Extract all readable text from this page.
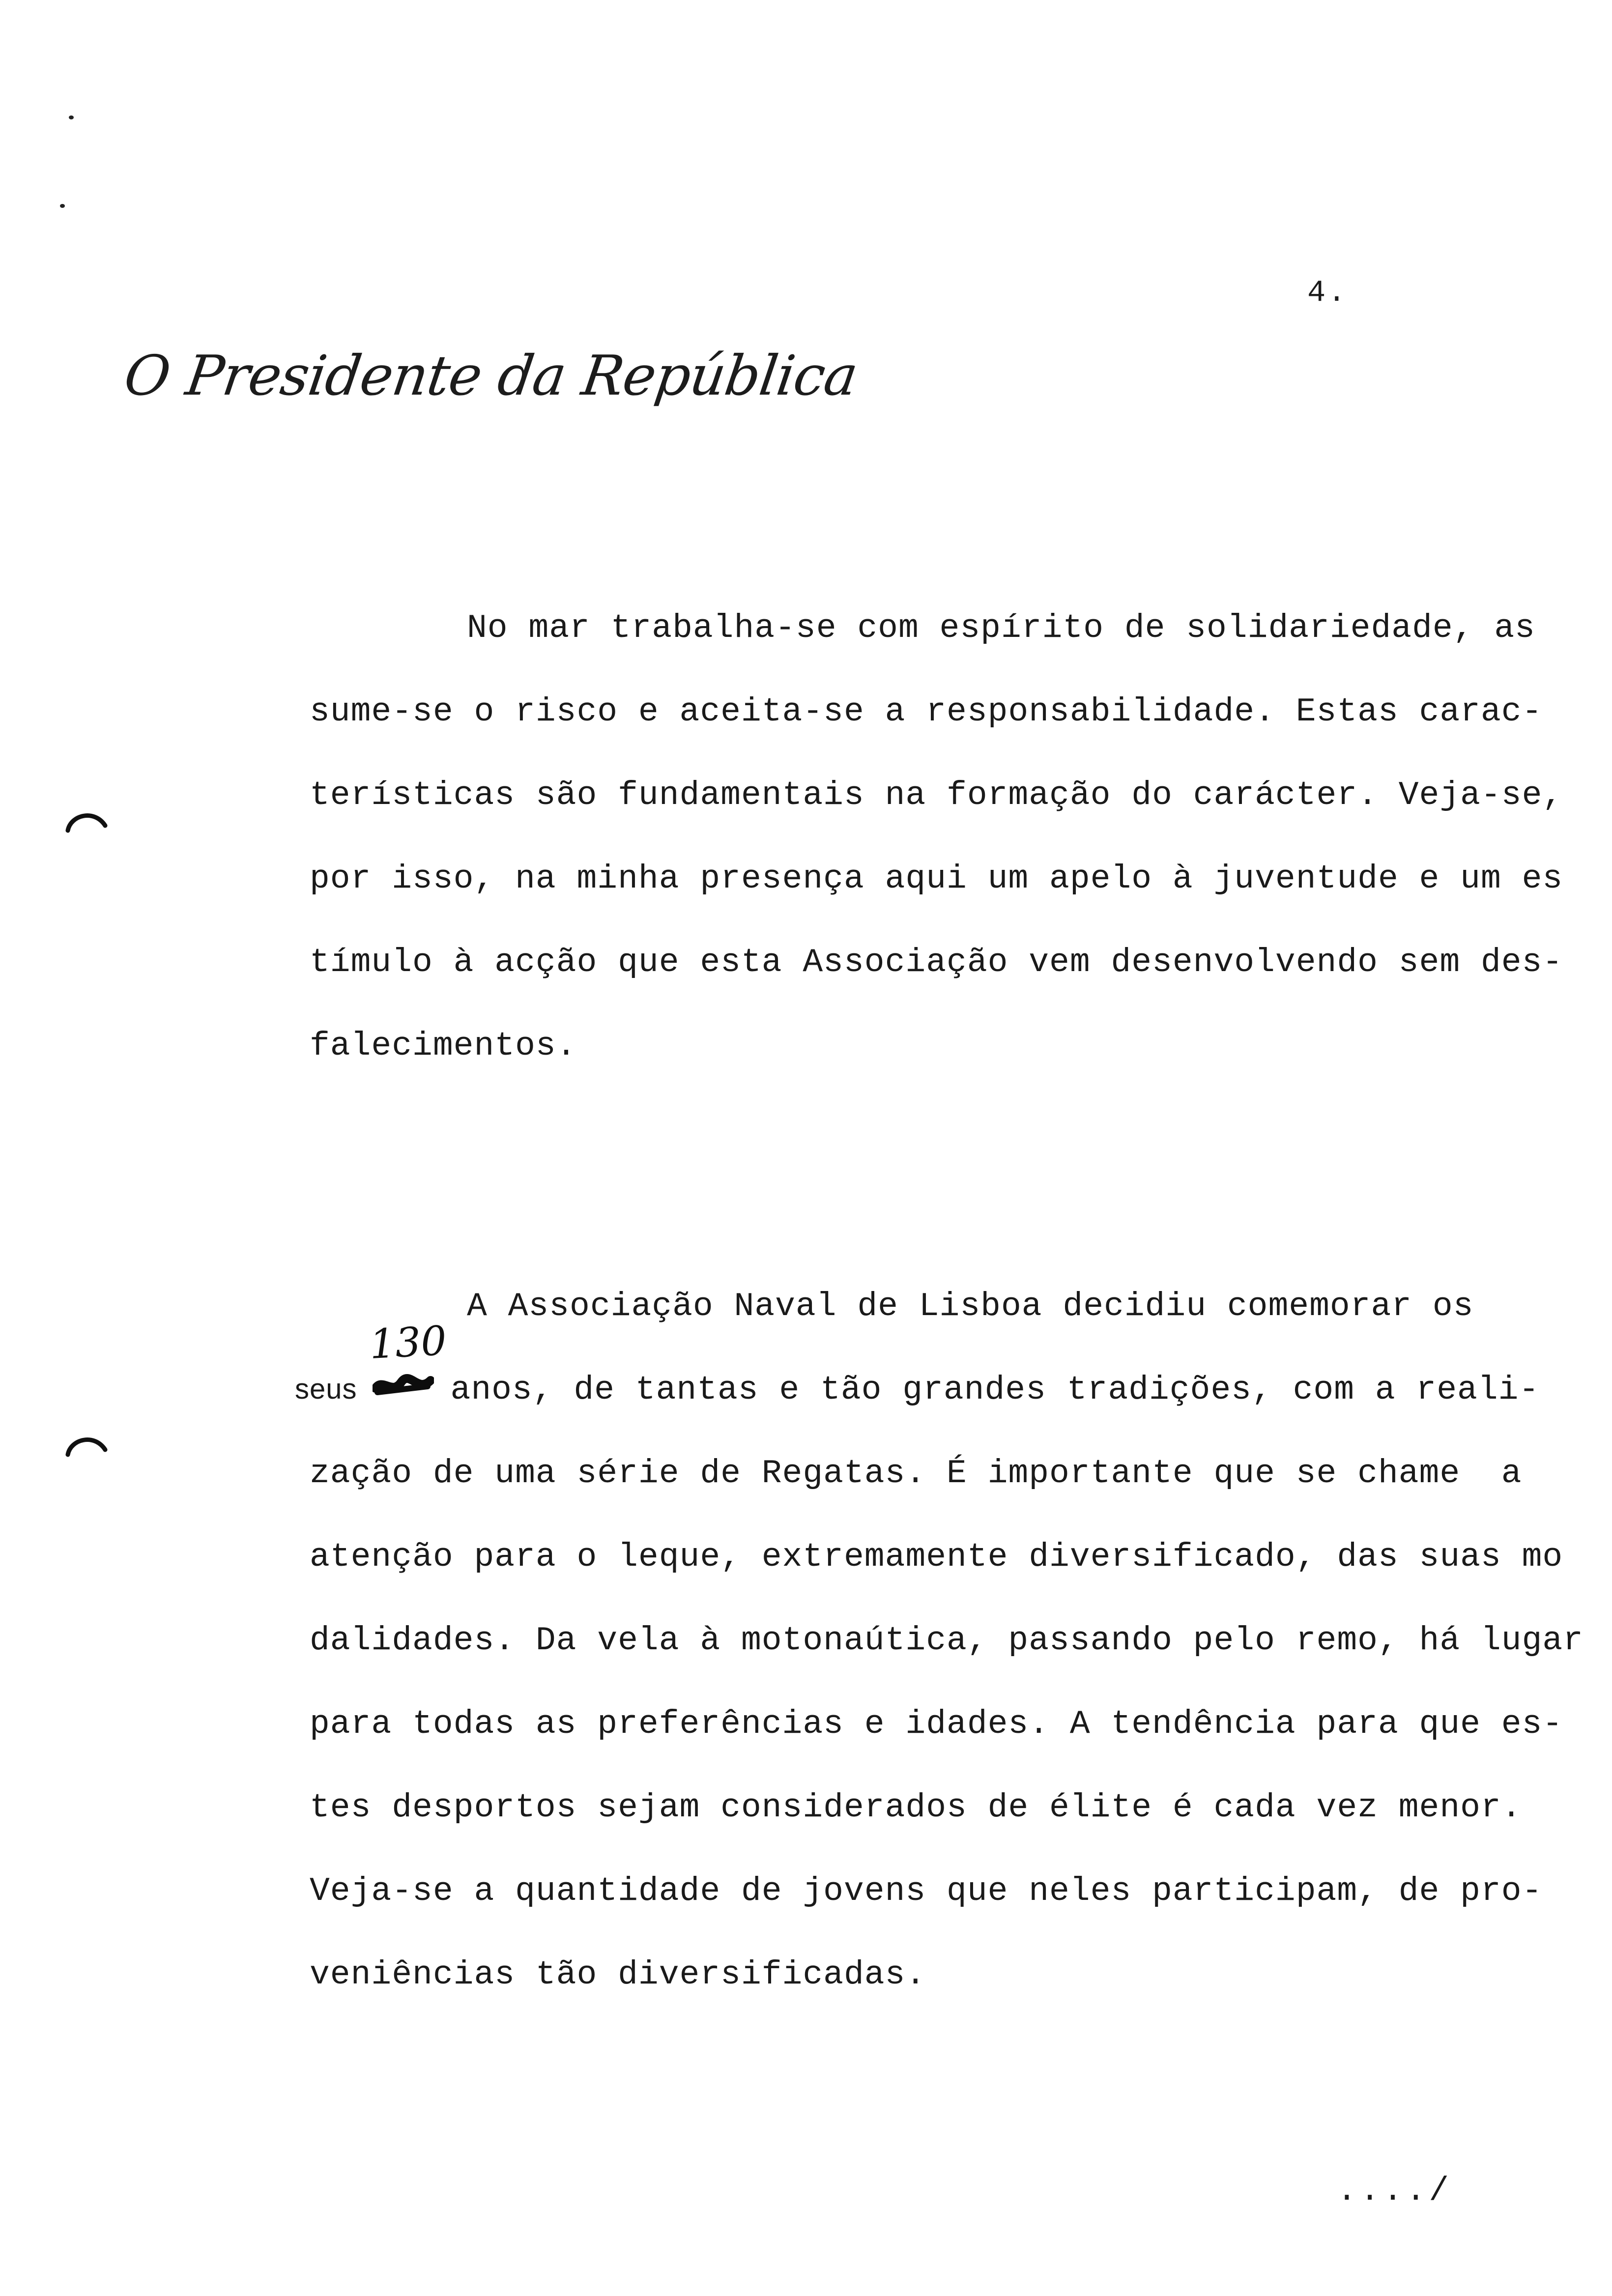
4.
O Presidente da República
No mar trabalha-se com espírito de solidariedade, as
sume-se o risco e aceita-se a responsabilidade. Estas carac-
terísticas são fundamentais na formação do carácter. Veja-se,
por isso, na minha presença aqui um apelo à juventude e um es
tímulo à acção que esta Associação vem desenvolvendo sem des-
falecimentos.
A Associação Naval de Lisboa decidiu comemorar os
seus	anos, de tantas e tão grandes tradições, com a reali-
zação de uma série de Regatas. É importante que se chame  a
atenção para o leque, extremamente diversificado, das suas mo
dalidades. Da vela à motonaútica, passando pelo remo, há lugar
para todas as preferências e idades. A tendência para que es-
tes desportos sejam considerados de élite é cada vez menor.
Veja-se a quantidade de jovens que neles participam, de pro-
veniências tão diversificadas.
130
..../
